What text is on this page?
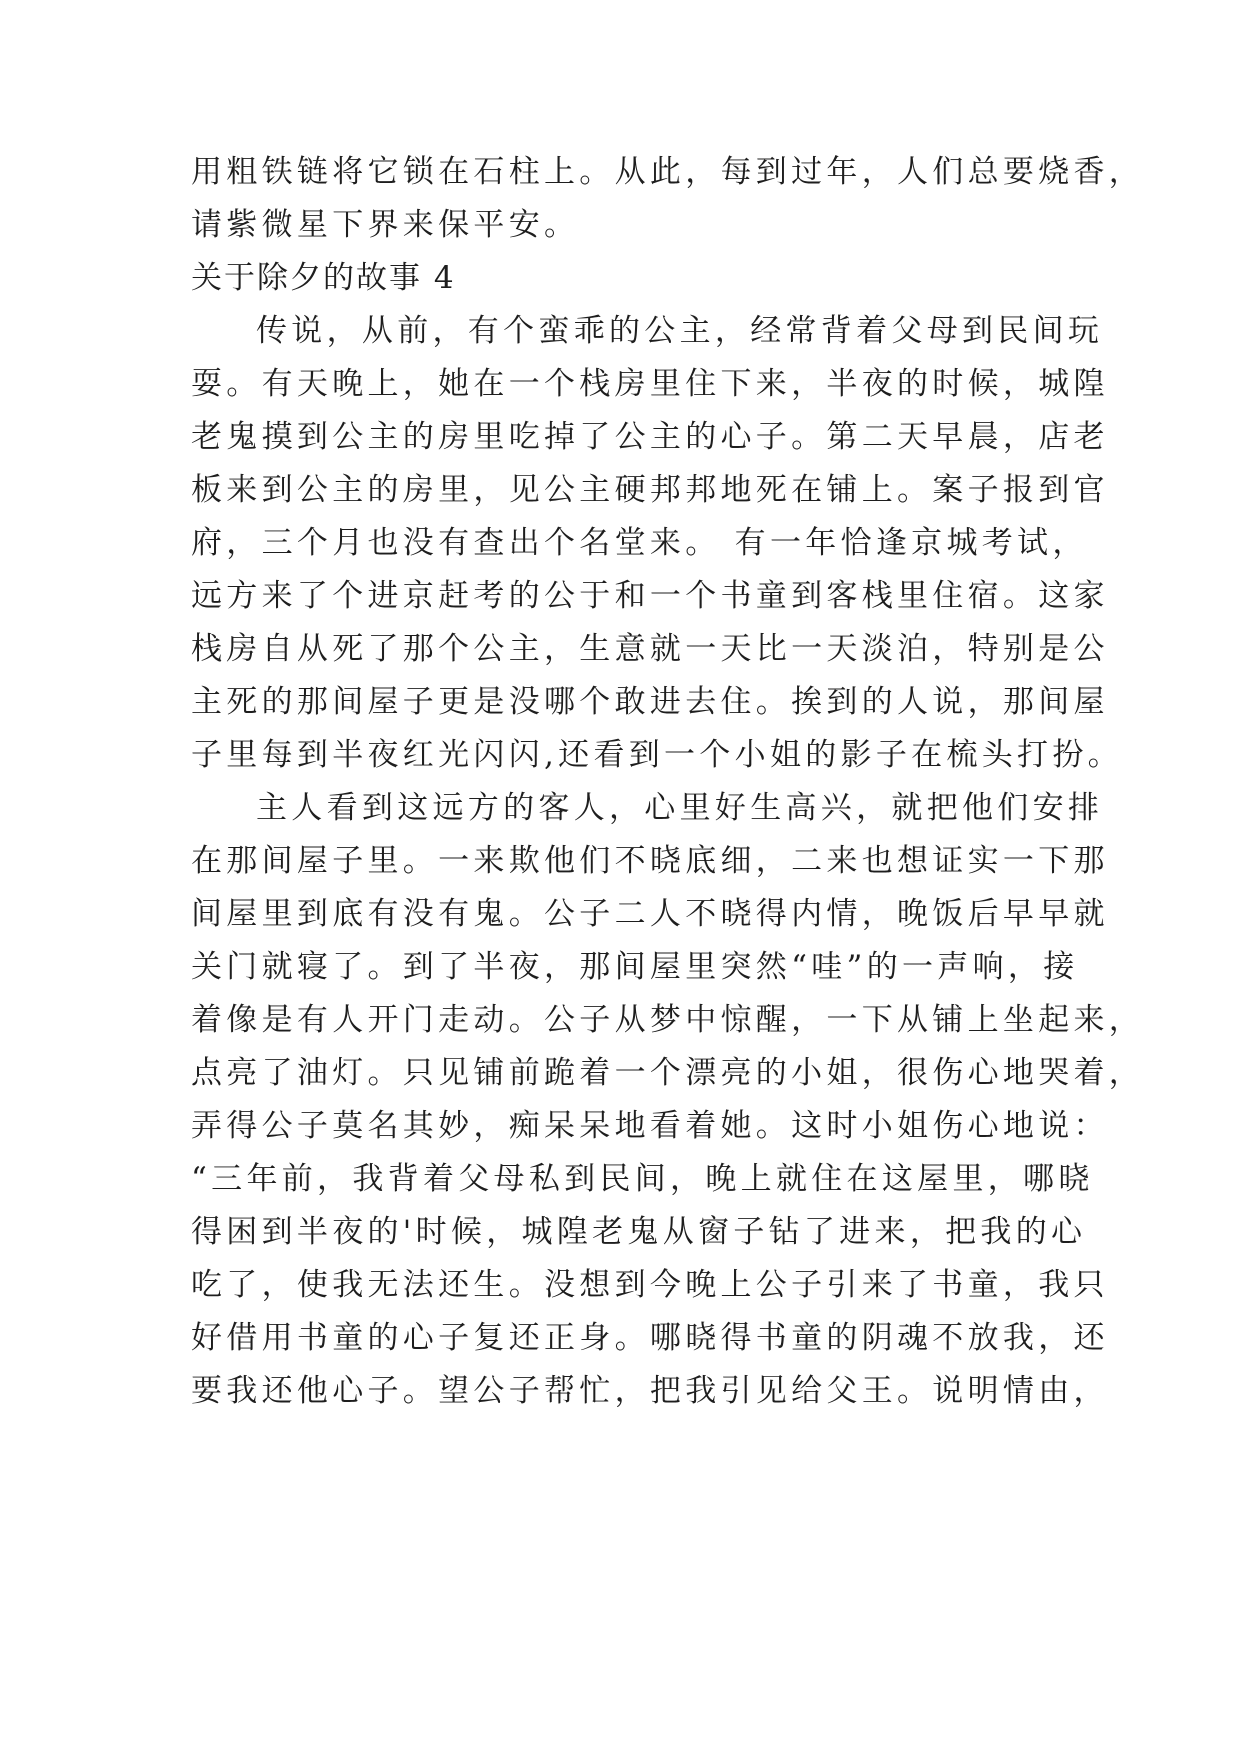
用粗铁链将它锁在石柱上。从此，每到过年，人们总要烧香，
请紫微星下界来保平安。
关于除夕的故事 4
传说，从前，有个蛮乖的公主，经常背着父母到民间玩
耍。有天晚上，她在一个栈房里住下来，半夜的时候，城隍
老鬼摸到公主的房里吃掉了公主的心子。第二天早晨，店老
板来到公主的房里，见公主硬邦邦地死在铺上。案子报到官
府，三个月也没有查出个名堂来。 有一年恰逢京城考试，
远方来了个进京赶考的公于和一个书童到客栈里住宿。这家
栈房自从死了那个公主，生意就一天比一天淡泊，特别是公
主死的那间屋子更是没哪个敢进去住。挨到的人说，那间屋
子里每到半夜红光闪闪,还看到一个小姐的影子在梳头打扮。
主人看到这远方的客人，心里好生高兴，就把他们安排
在那间屋子里。一来欺他们不晓底细，二来也想证实一下那
间屋里到底有没有鬼。公子二人不晓得内情，晚饭后早早就
关门就寝了。到了半夜，那间屋里突然“哇”的一声响，接
着像是有人开门走动。公子从梦中惊醒，一下从铺上坐起来，
点亮了油灯。只见铺前跪着一个漂亮的小姐，很伤心地哭着，
弄得公子莫名其妙，痴呆呆地看着她。这时小姐伤心地说：
“三年前，我背着父母私到民间，晚上就住在这屋里，哪晓
得困到半夜的'时候，城隍老鬼从窗子钻了进来，把我的心
吃了，使我无法还生。没想到今晚上公子引来了书童，我只
好借用书童的心子复还正身。哪晓得书童的阴魂不放我，还
要我还他心子。望公子帮忙，把我引见给父王。说明情由，
